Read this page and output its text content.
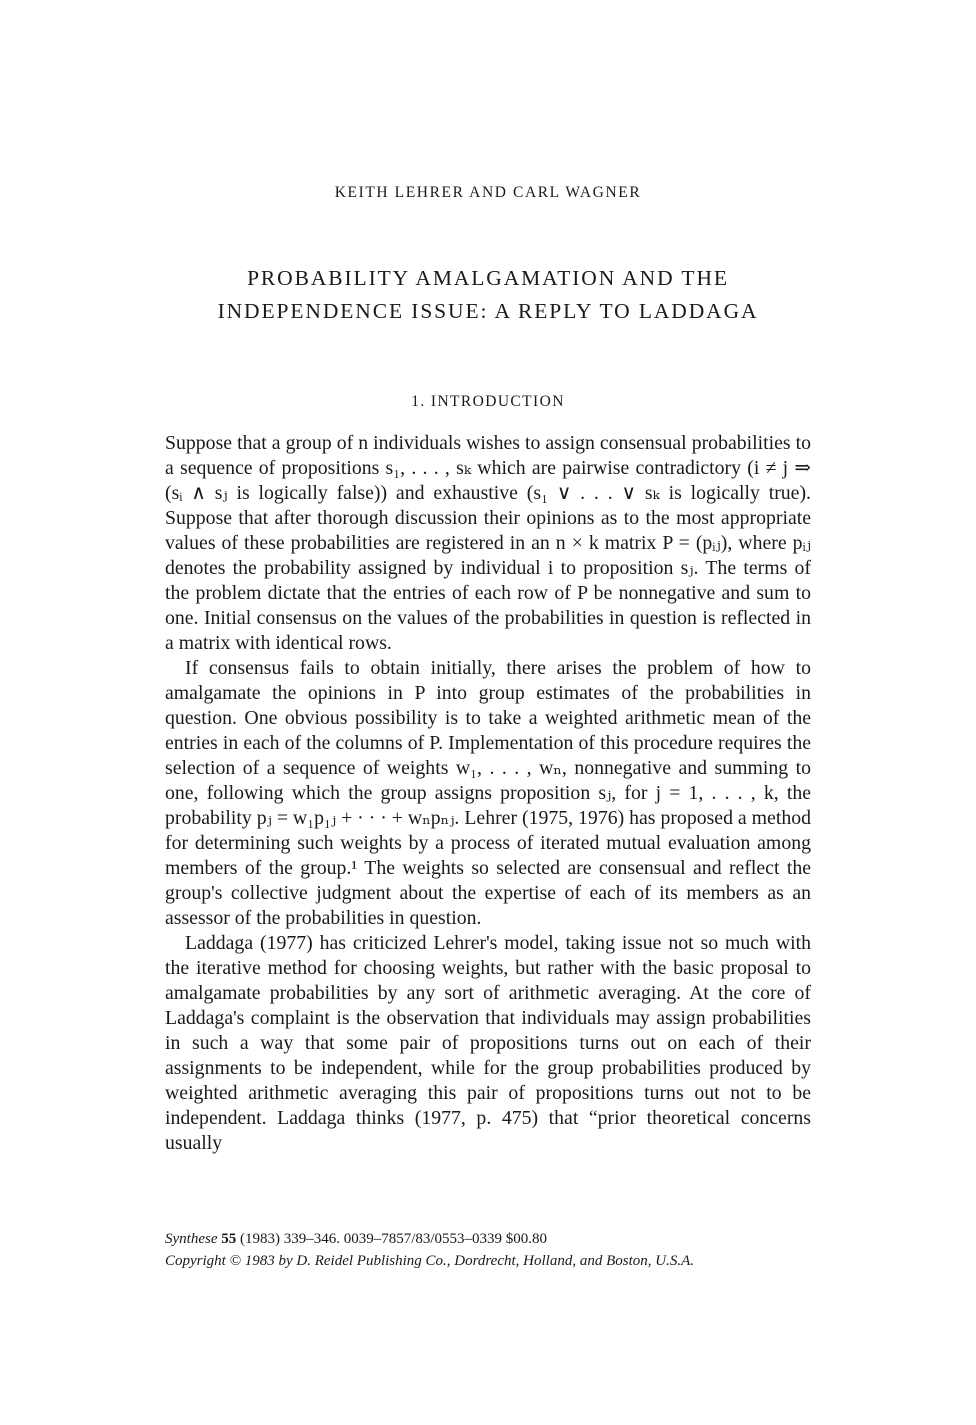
KEITH LEHRER AND CARL WAGNER
PROBABILITY AMALGAMATION AND THE
INDEPENDENCE ISSUE: A REPLY TO LADDAGA
1. INTRODUCTION

Suppose that a group of n individuals wishes to assign consensual probabilities to a sequence of propositions s₁, . . . , sₖ which are pairwise contradictory (i ≠ j ⇒ (sᵢ ∧ sⱼ is logically false)) and exhaustive (s₁ ∨ . . . ∨ sₖ is logically true). Suppose that after thorough discussion their opinions as to the most appropriate values of these probabilities are registered in an n × k matrix P = (pᵢⱼ), where pᵢⱼ denotes the probability assigned by individual i to proposition sⱼ. The terms of the problem dictate that the entries of each row of P be nonnegative and sum to one. Initial consensus on the values of the probabilities in question is reflected in a matrix with identical rows.

If consensus fails to obtain initially, there arises the problem of how to amalgamate the opinions in P into group estimates of the probabilities in question. One obvious possibility is to take a weighted arithmetic mean of the entries in each of the columns of P. Implementation of this procedure requires the selection of a sequence of weights w₁, . . . , wₙ, nonnegative and summing to one, following which the group assigns proposition sⱼ, for j = 1, . . . , k, the probability pⱼ = w₁p₁ⱼ + · · · + wₙpₙⱼ. Lehrer (1975, 1976) has proposed a method for determining such weights by a process of iterated mutual evaluation among members of the group.¹ The weights so selected are consensual and reflect the group's collective judgment about the expertise of each of its members as an assessor of the probabilities in question.

Laddaga (1977) has criticized Lehrer's model, taking issue not so much with the iterative method for choosing weights, but rather with the basic proposal to amalgamate probabilities by any sort of arithmetic averaging. At the core of Laddaga's complaint is the observation that individuals may assign probabilities in such a way that some pair of propositions turns out on each of their assignments to be independent, while for the group probabilities produced by weighted arithmetic averaging this pair of propositions turns out not to be independent. Laddaga thinks (1977, p. 475) that “prior theoretical concerns usually

Synthese 55 (1983) 339–346. 0039–7857/83/0553–0339 $00.80
Copyright © 1983 by D. Reidel Publishing Co., Dordrecht, Holland, and Boston, U.S.A.
